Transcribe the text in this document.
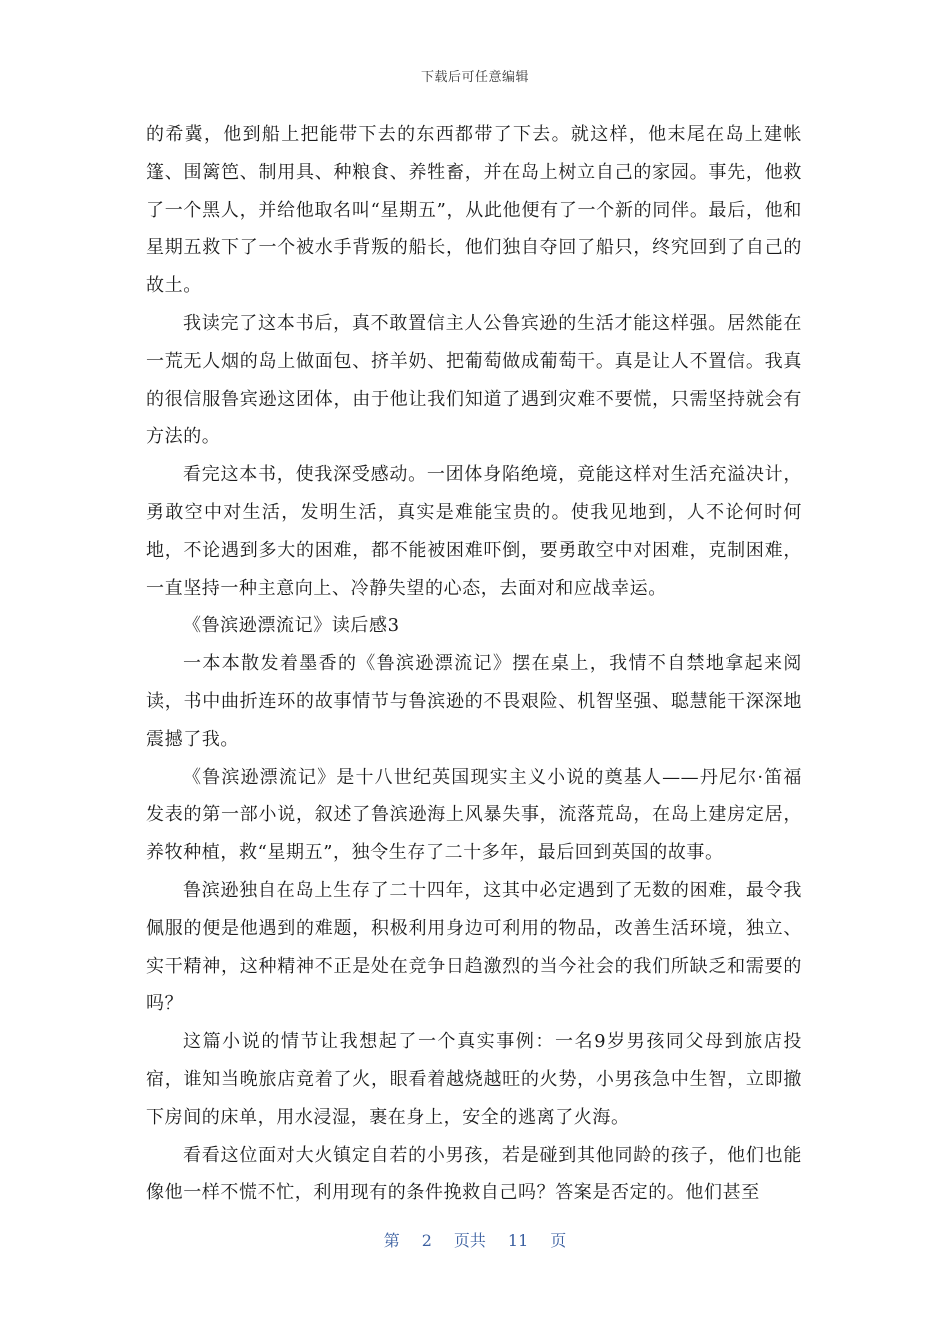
下载后可任意编辑

的希冀，他到船上把能带下去的东西都带了下去。就这样，他末尾在岛上建帐篷、围篱笆、制用具、种粮食、养牲畜，并在岛上树立自己的家园。事先，他救了一个黑人，并给他取名叫“星期五”，从此他便有了一个新的同伴。最后，他和星期五救下了一个被水手背叛的船长，他们独自夺回了船只，终究回到了自己的故土。

我读完了这本书后，真不敢置信主人公鲁宾逊的生活才能这样强。居然能在一荒无人烟的岛上做面包、挤羊奶、把葡萄做成葡萄干。真是让人不置信。我真的很信服鲁宾逊这团体，由于他让我们知道了遇到灾难不要慌，只需坚持就会有方法的。

看完这本书，使我深受感动。一团体身陷绝境，竟能这样对生活充溢决计，勇敢空中对生活，发明生活，真实是难能宝贵的。使我见地到，人不论何时何地，不论遇到多大的困难，都不能被困难吓倒，要勇敢空中对困难，克制困难，一直坚持一种主意向上、冷静失望的心态，去面对和应战幸运。

《鲁滨逊漂流记》读后感3

一本本散发着墨香的《鲁滨逊漂流记》摆在桌上，我情不自禁地拿起来阅读，书中曲折连环的故事情节与鲁滨逊的不畏艰险、机智坚强、聪慧能干深深地震撼了我。

《鲁滨逊漂流记》是十八世纪英国现实主义小说的奠基人——丹尼尔·笛福发表的第一部小说，叙述了鲁滨逊海上风暴失事，流落荒岛，在岛上建房定居，养牧种植，救“星期五”，独令生存了二十多年，最后回到英国的故事。

鲁滨逊独自在岛上生存了二十四年，这其中必定遇到了无数的困难，最令我佩服的便是他遇到的难题，积极利用身边可利用的物品，改善生活环境，独立、实干精神，这种精神不正是处在竞争日趋激烈的当今社会的我们所缺乏和需要的吗？

这篇小说的情节让我想起了一个真实事例：一名9岁男孩同父母到旅店投宿，谁知当晚旅店竟着了火，眼看着越烧越旺的火势，小男孩急中生智，立即撤下房间的床单，用水浸湿，裹在身上，安全的逃离了火海。

看看这位面对大火镇定自若的小男孩，若是碰到其他同龄的孩子，他们也能像他一样不慌不忙，利用现有的条件挽救自己吗？答案是否定的。他们甚至

第 2 页共 11 页
